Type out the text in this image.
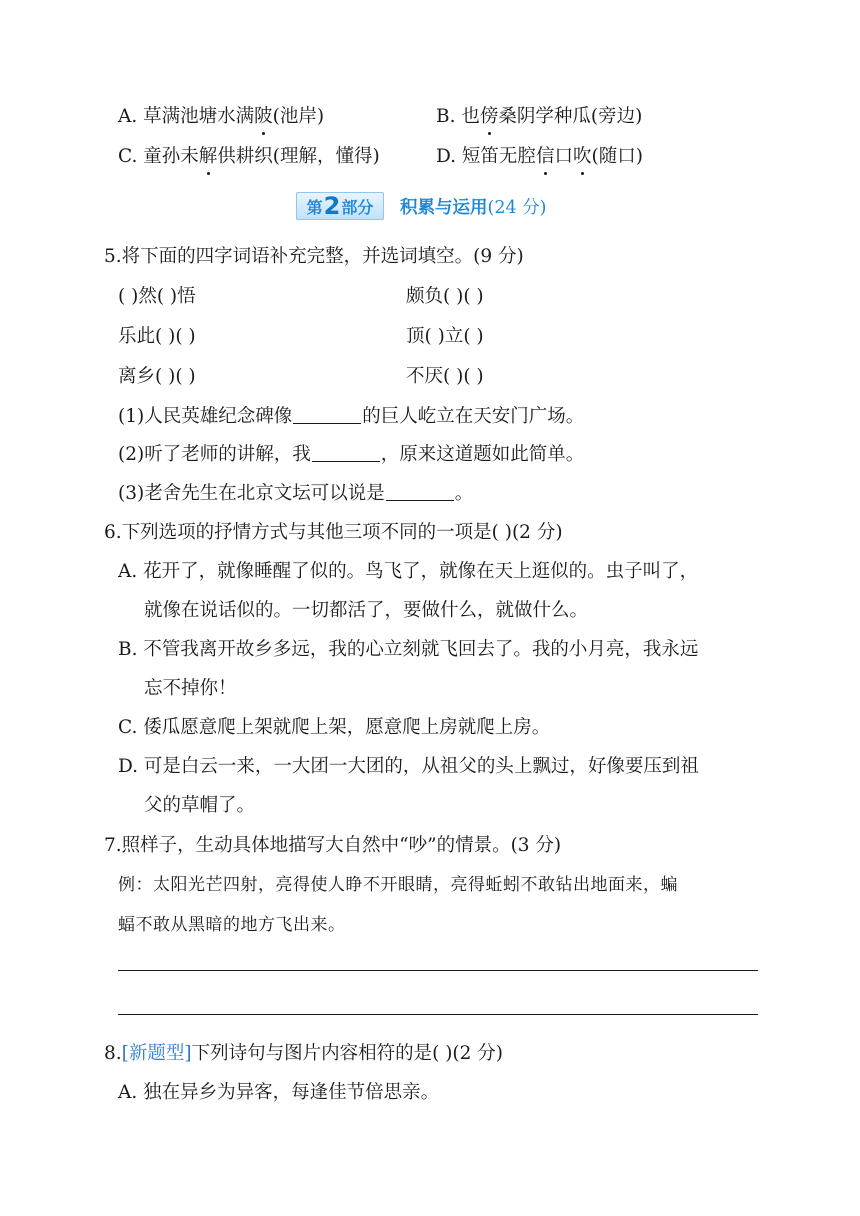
A. 草满池塘水满陂(池岸)	B. 也傍桑阴学种瓜(旁边)
C. 童孙未解供耕织(理解，懂得)	D. 短笛无腔信口吹(随口)
第 2 部分 积累与运用 (24 分)
5.将下面的四字词语补充完整，并选词填空。(9 分)
( )然( )悟	颇负( )( )
乐此( )( )	顶( )立( )
离乡( )( )	不厌( )( )
(1)人民英雄纪念碑像	的巨人屹立在天安门广场。
(2)听了老师的讲解，我	，原来这道题如此简单。
(3)老舍先生在北京文坛可以说是	。
6.下列选项的抒情方式与其他三项不同的一项是( )(2 分)
A. 花开了，就像睡醒了似的。鸟飞了，就像在天上逛似的。虫子叫了，
就像在说话似的。一切都活了，要做什么，就做什么。
B. 不管我离开故乡多远，我的心立刻就飞回去了。我的小月亮，我永远
忘不掉你！
C. 倭瓜愿意爬上架就爬上架，愿意爬上房就爬上房。
D. 可是白云一来，一大团一大团的，从祖父的头上飘过，好像要压到祖
父的草帽了。
7.照样子，生动具体地描写大自然中“吵”的情景。(3 分)
例：太阳光芒四射，亮得使人睁不开眼睛，亮得蚯蚓不敢钻出地面来，蝙
蝠不敢从黑暗的地方飞出来。
8.[新题型]下列诗句与图片内容相符的是( )(2 分)
A. 独在异乡为异客，每逢佳节倍思亲。
